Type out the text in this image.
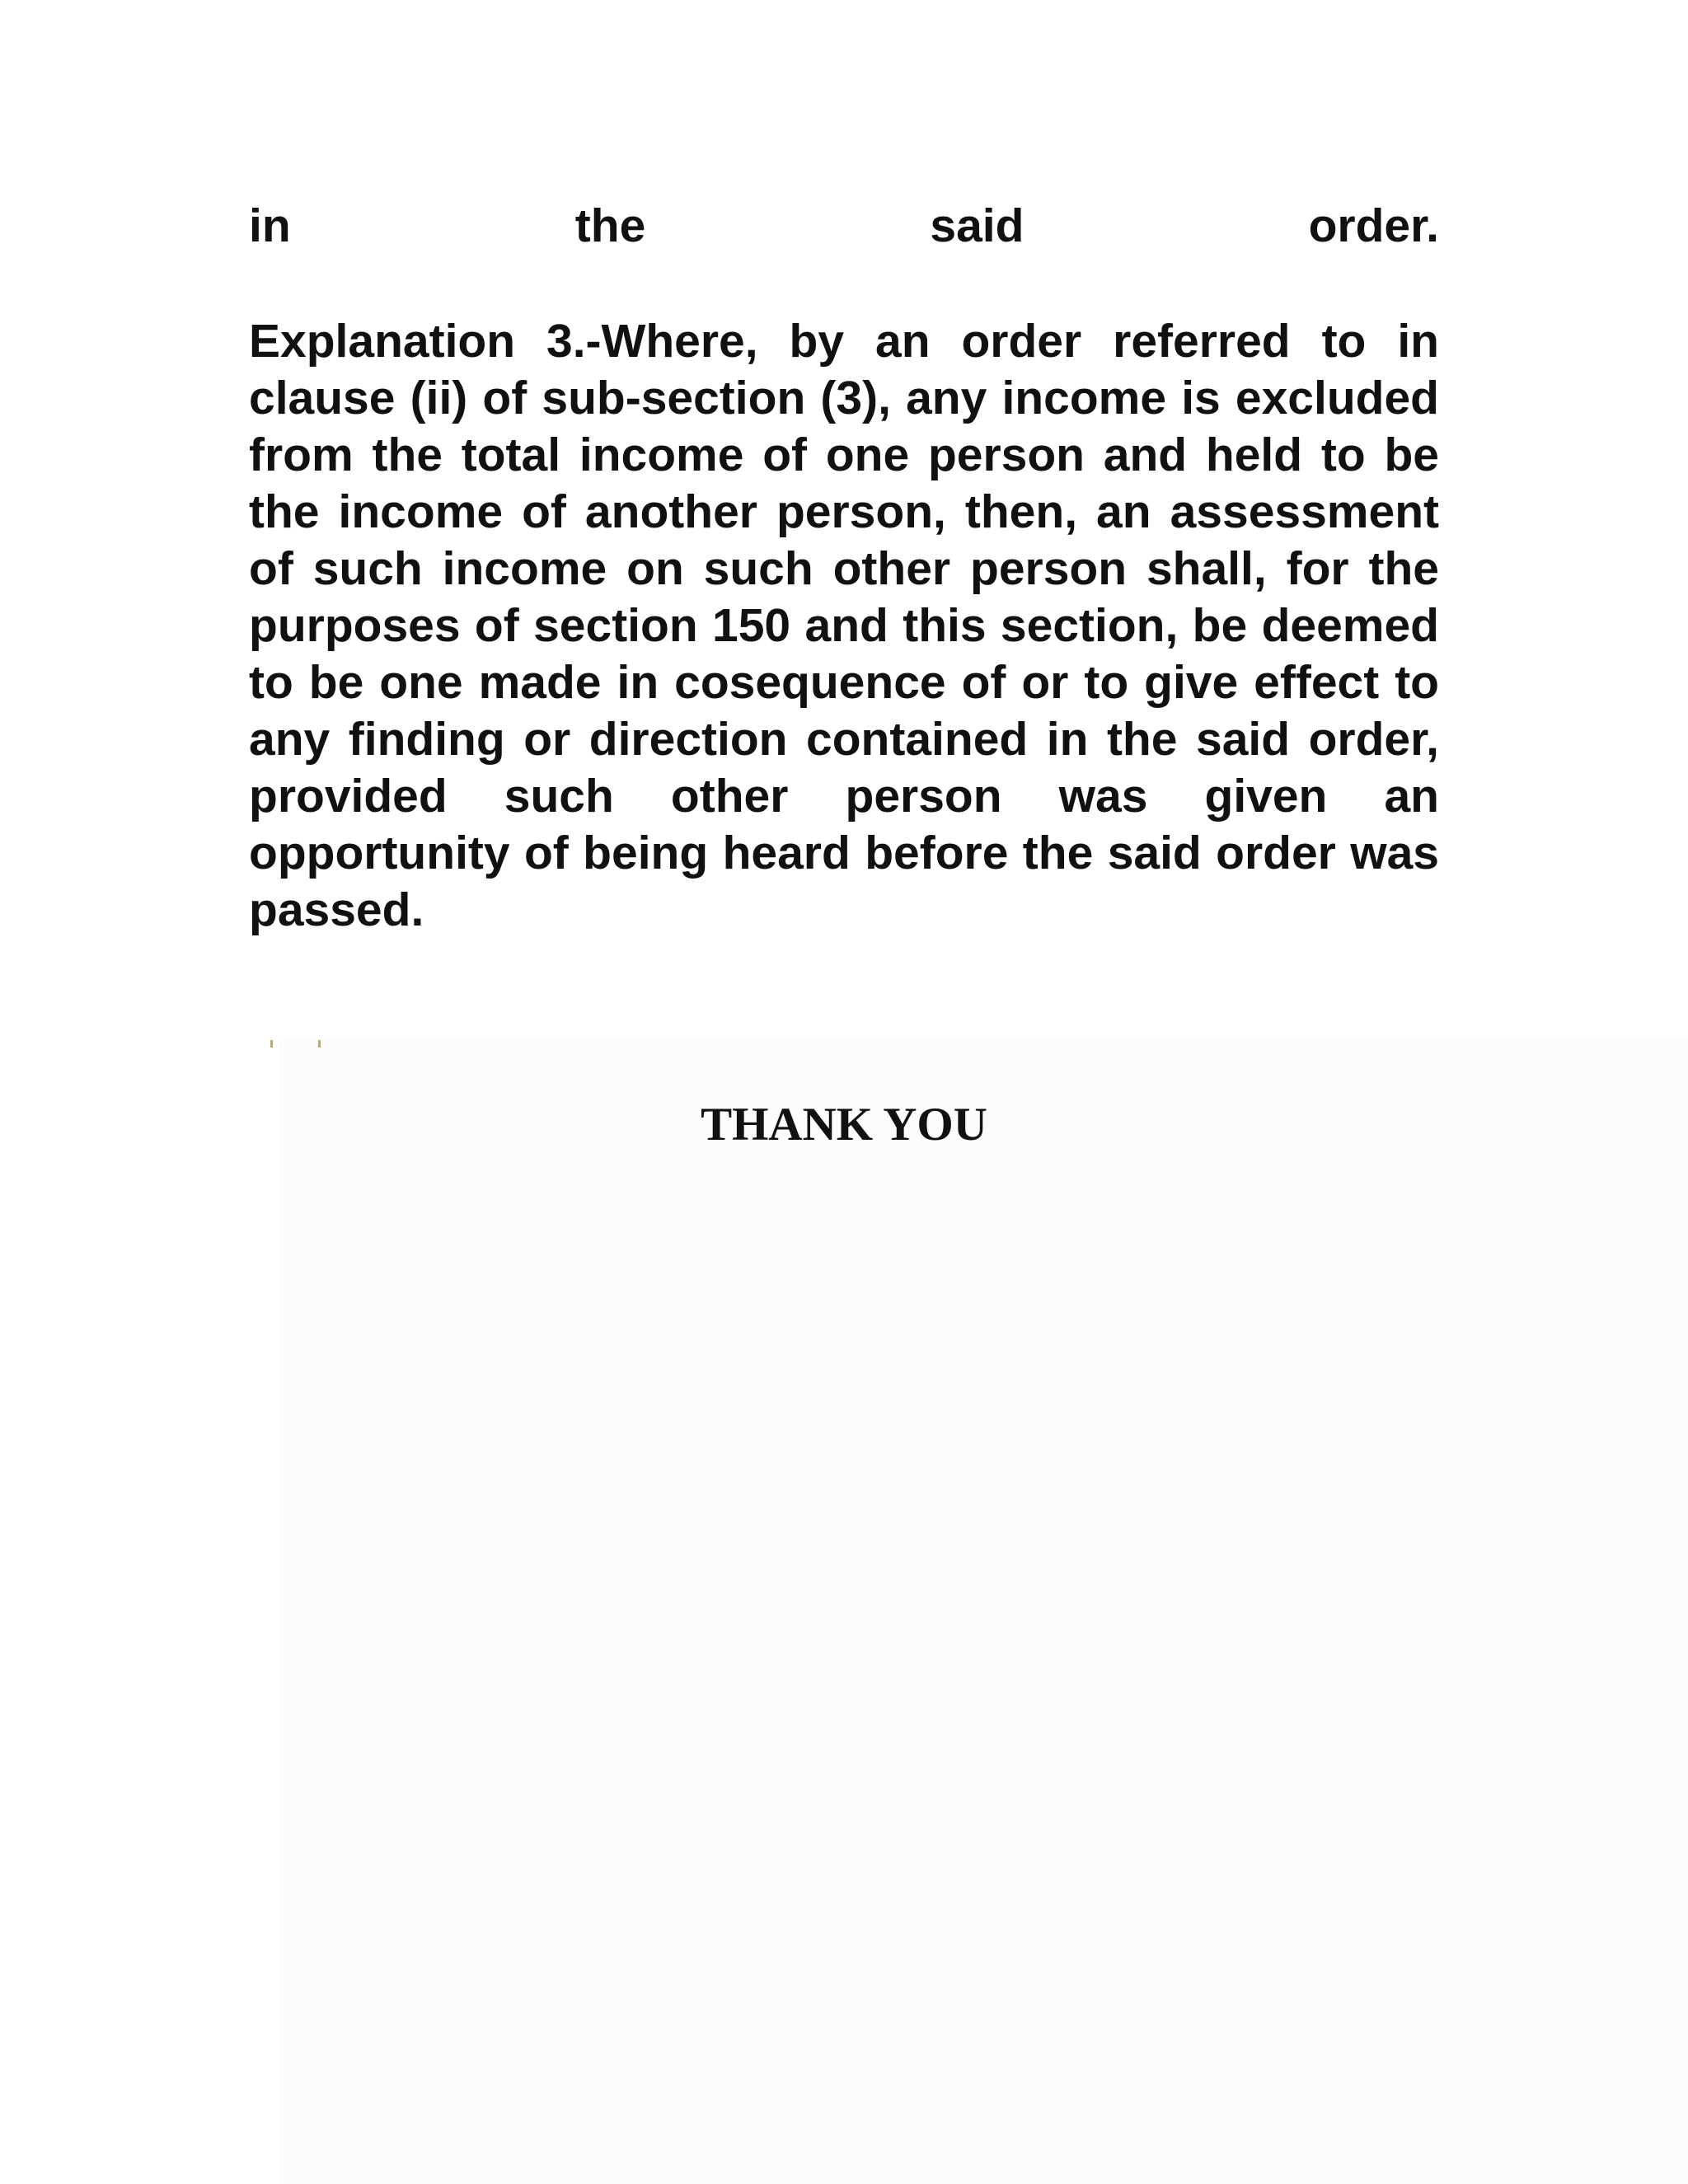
in the said order.
Explanation 3.-Where, by an order referred to in clause (ii) of sub-section (3), any income is excluded from the total income of one person and held to be the income of another person, then, an assessment of such income on such other person shall, for the purposes of section 150 and this section, be deemed to be one made in cosequence of or to give effect to any finding or direction contained in the said order, provided such other person was given an opportunity of being heard before the said order was passed.
THANK YOU
